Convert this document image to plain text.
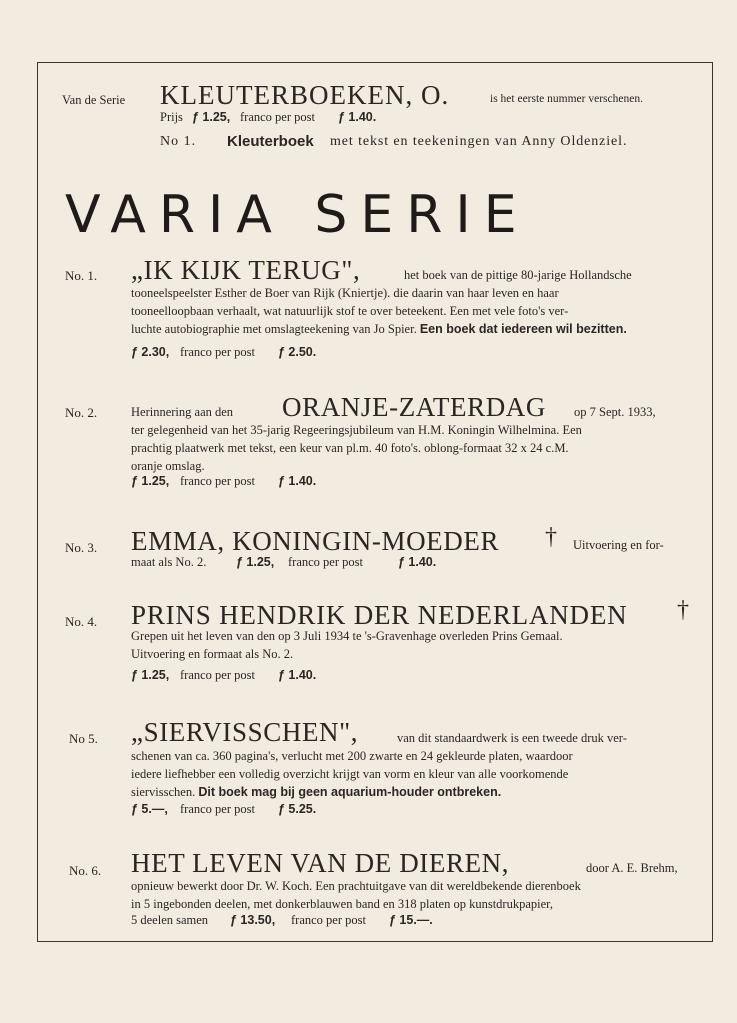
Van de Serie KLEUTERBOEKEN, O.	is het eerste nummer verschenen.
Prijs ƒ 1.25, franco per post ƒ 1.40.
No 1. Kleuterboek met tekst en teekeningen van Anny Oldenziel.
VARIA SERIE
No. 1. „IK KIJK TERUG",	het boek van de pittige 80-jarige Hollandsche

tooneelspeelster Esther de Boer van Rijk (Kniertje). die daarin van haar leven en haar

tooneelloopbaan verhaalt, wat natuurlijk stof te over beteekent. Een met vele foto's ver-

luchte autobiographie met omslagteekening van Jo Spier. Een boek dat iedereen wil bezitten.

ƒ 2.30, franco per post ƒ 2.50.
No. 2.	Herinnering aan den ORANJE-ZATERDAG op 7 Sept. 1933,

ter gelegenheid van het 35-jarig Regeeringsjubileum van H.M. Koningin Wilhelmina. Een

prachtig plaatwerk met tekst, een keur van pl.m. 40 foto's. oblong-formaat 32 x 24 c.M.

oranje omslag.

ƒ 1.25, franco per post ƒ 1.40.
No. 3. EMMA, KONINGIN-MOEDER † Uitvoering en for-
maat als No. 2. ƒ 1.25, franco per post	ƒ 1.40.
No. 4. PRINS HENDRIK DER NEDERLANDEN †

Grepen uit het leven van den op 3 Juli 1934 te 's-Gravenhage overleden Prins Gemaal.

Uitvoering en formaat als No. 2.

ƒ 1.25, franco per post ƒ 1.40.
No 5. „SIERVISSCHEN",	van dit standaardwerk is een tweede druk ver-

schenen van ca. 360 pagina's, verlucht met 200 zwarte en 24 gekleurde platen, waardoor

iedere liefhebber een volledig overzicht krijgt van vorm en kleur van alle voorkomende

siervisschen. Dit boek mag bij geen aquarium-houder ontbreken.

ƒ 5.—, franco per post ƒ 5.25.
No. 6. HET LEVEN VAN DE DIEREN,	door A. E. Brehm,

opnieuw bewerkt door Dr. W. Koch. Een prachtuitgave van dit wereldbekende dierenboek

in 5 ingebonden deelen, met donkerblauwen band en 318 platen op kunstdrukpapier,

5 deelen samen ƒ 13.50, franco per post ƒ 15.—.
